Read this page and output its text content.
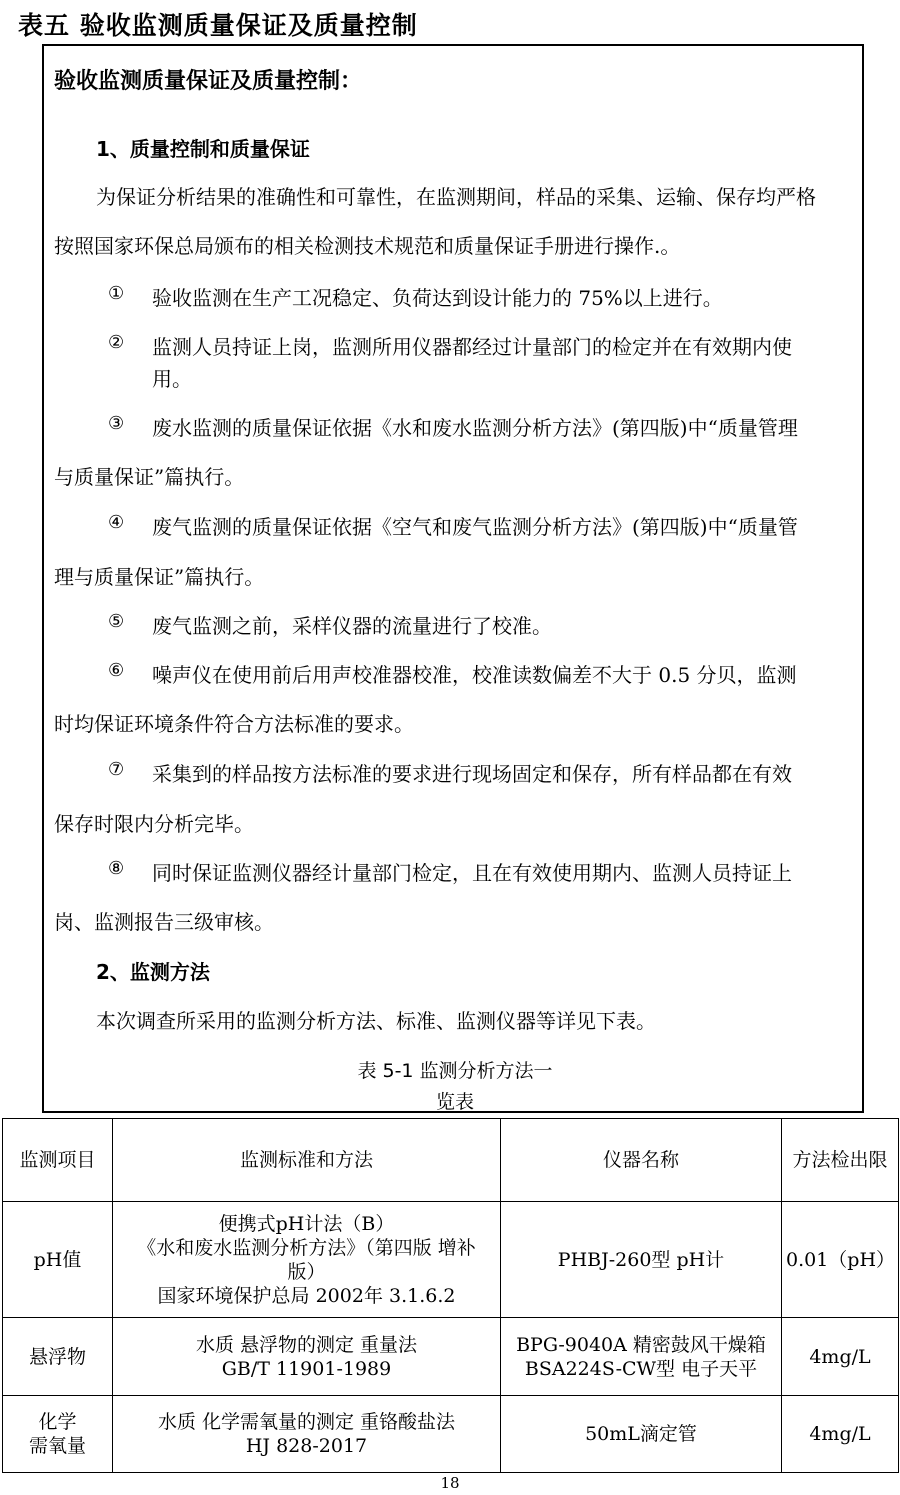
表五 验收监测质量保证及质量控制
验收监测质量保证及质量控制：

1、质量控制和质量保证

为保证分析结果的准确性和可靠性，在监测期间，样品的采集、运输、保存均严格

按照国家环保总局颁布的相关检测技术规范和质量保证手册进行操作.。

① 验收监测在生产工况稳定、负荷达到设计能力的 75%以上进行。

② 监测人员持证上岗，监测所用仪器都经过计量部门的检定并在有效期内使

用。

③ 废水监测的质量保证依据《水和废水监测分析方法》(第四版)中“质量管理

与质量保证”篇执行。

④ 废气监测的质量保证依据《空气和废气监测分析方法》(第四版)中“质量管

理与质量保证”篇执行。

⑤ 废气监测之前，采样仪器的流量进行了校准。

⑥ 噪声仪在使用前后用声校准器校准，校准读数偏差不大于 0.5 分贝，监测

时均保证环境条件符合方法标准的要求。

⑦ 采集到的样品按方法标准的要求进行现场固定和保存，所有样品都在有效

保存时限内分析完毕。

⑧ 同时保证监测仪器经计量部门检定，且在有效使用期内、监测人员持证上

岗、监测报告三级审核。

2、监测方法

本次调查所采用的监测分析方法、标准、监测仪器等详见下表。

表 5-1 监测分析方法一
览表
监测项目	监测标准和方法	仪器名称	方法检出限

pH值	便携式pH计法（B）
《水和废水监测分析方法》（第四版 增补
版）
国家环境保护总局 2002年 3.1.6.2	PHBJ-260型 pH计	0.01（pH）

悬浮物	水质 悬浮物的测定 重量法
GB/T 11901-1989	BPG-9040A 精密鼓风干燥箱
BSA224S-CW型 电子天平	4mg/L

化学
需氧量	水质 化学需氧量的测定 重铬酸盐法
HJ 828-2017	50mL滴定管	4mg/L
18
